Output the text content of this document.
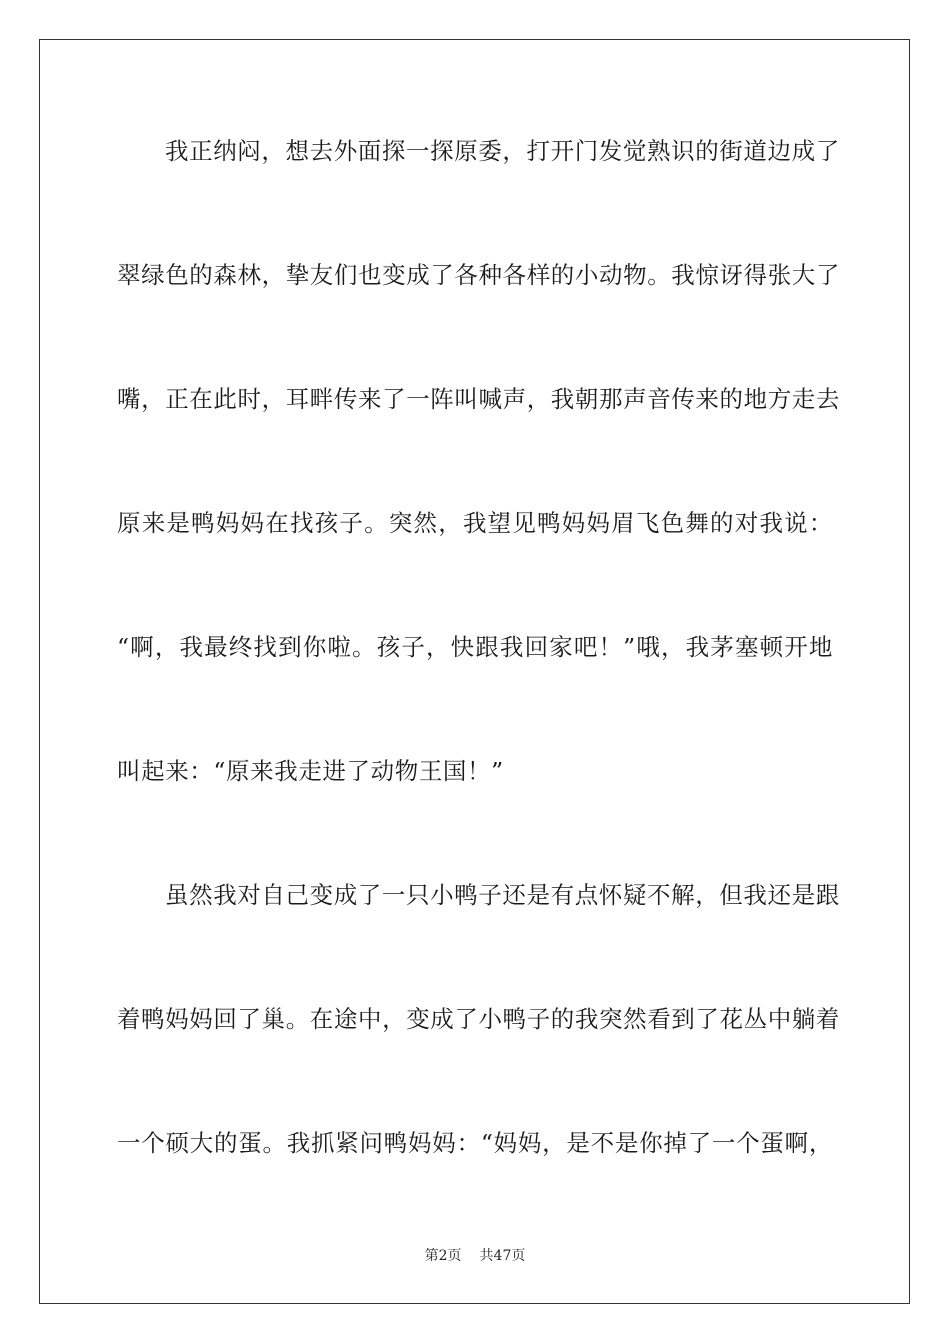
我正纳闷，想去外面探一探原委，打开门发觉熟识的街道边成了
翠绿色的森林，挚友们也变成了各种各样的小动物。我惊讶得张大了
嘴，正在此时，耳畔传来了一阵叫喊声，我朝那声音传来的地方走去
原来是鸭妈妈在找孩子。突然，我望见鸭妈妈眉飞色舞的对我说：
“啊，我最终找到你啦。孩子，快跟我回家吧！”哦，我茅塞顿开地
叫起来：“原来我走进了动物王国！”
虽然我对自己变成了一只小鸭子还是有点怀疑不解，但我还是跟
着鸭妈妈回了巢。在途中，变成了小鸭子的我突然看到了花丛中躺着
一个硕大的蛋。我抓紧问鸭妈妈：“妈妈，是不是你掉了一个蛋啊，
第2页 共47页
